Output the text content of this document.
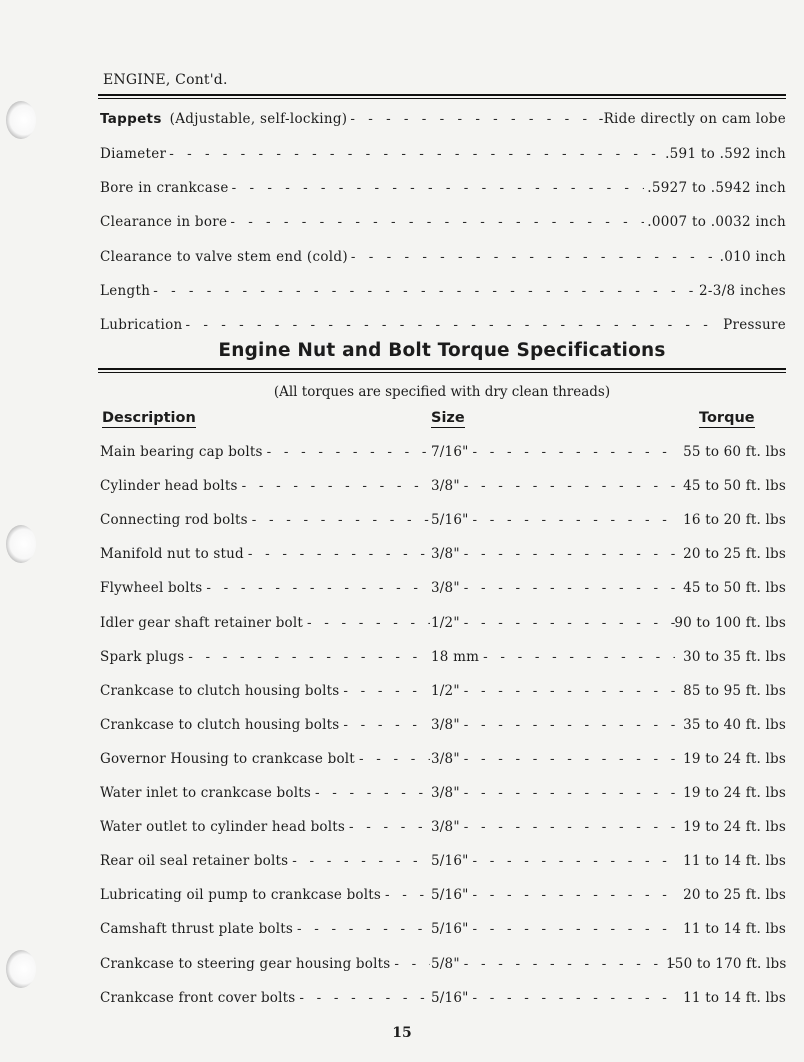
ENGINE, Cont'd.
Tappets (Adjustable, self-locking) - - -	-Ride directly on cam lobe
Diameter - - -	.591 to .592 inch
Bore in crankcase - - -	.5927 to .5942 inch
Clearance in bore - - -	.0007 to .0032 inch
Clearance to valve stem end (cold) - - -	.010 inch
Length - - -	2-3/8 inches
Lubrication - - -	Pressure
Engine Nut and Bolt Torque Specifications
(All torques are specified with dry clean threads)
Description	Size	Torque
Main bearing cap bolts - - -	7/16" - - -	55 to 60 ft. lbs
Cylinder head bolts - - -	3/8" - - -	45 to 50 ft. lbs
Connecting rod bolts - - -	5/16" - - -	16 to 20 ft. lbs
Manifold nut to stud - - -	3/8" - - -	20 to 25 ft. lbs
Flywheel bolts - - -	3/8" - - -	45 to 50 ft. lbs
Idler gear shaft retainer bolt - - -	1/2" - - -	90 to 100 ft. lbs
Spark plugs - - -	18 mm - - -	30 to 35 ft. lbs
Crankcase to clutch housing bolts - - -	1/2" - - -	85 to 95 ft. lbs
Crankcase to clutch housing bolts - - -	3/8" - - -	35 to 40 ft. lbs
Governor Housing to crankcase bolt - - -	3/8" - - -	19 to 24 ft. lbs
Water inlet to crankcase bolts - - -	3/8" - - -	19 to 24 ft. lbs
Water outlet to cylinder head bolts - - -	3/8" - - -	19 to 24 ft. lbs
Rear oil seal retainer bolts - - -	5/16" - - -	11 to 14 ft. lbs
Lubricating oil pump to crankcase bolts - - -	5/16" - - -	20 to 25 ft. lbs
Camshaft thrust plate bolts - - -	5/16" - - -	11 to 14 ft. lbs
Crankcase to steering gear housing bolts - - -	5/8" - - -	150 to 170 ft. lbs
Crankcase front cover bolts - - -	5/16" - - -	11 to 14 ft. lbs
15
